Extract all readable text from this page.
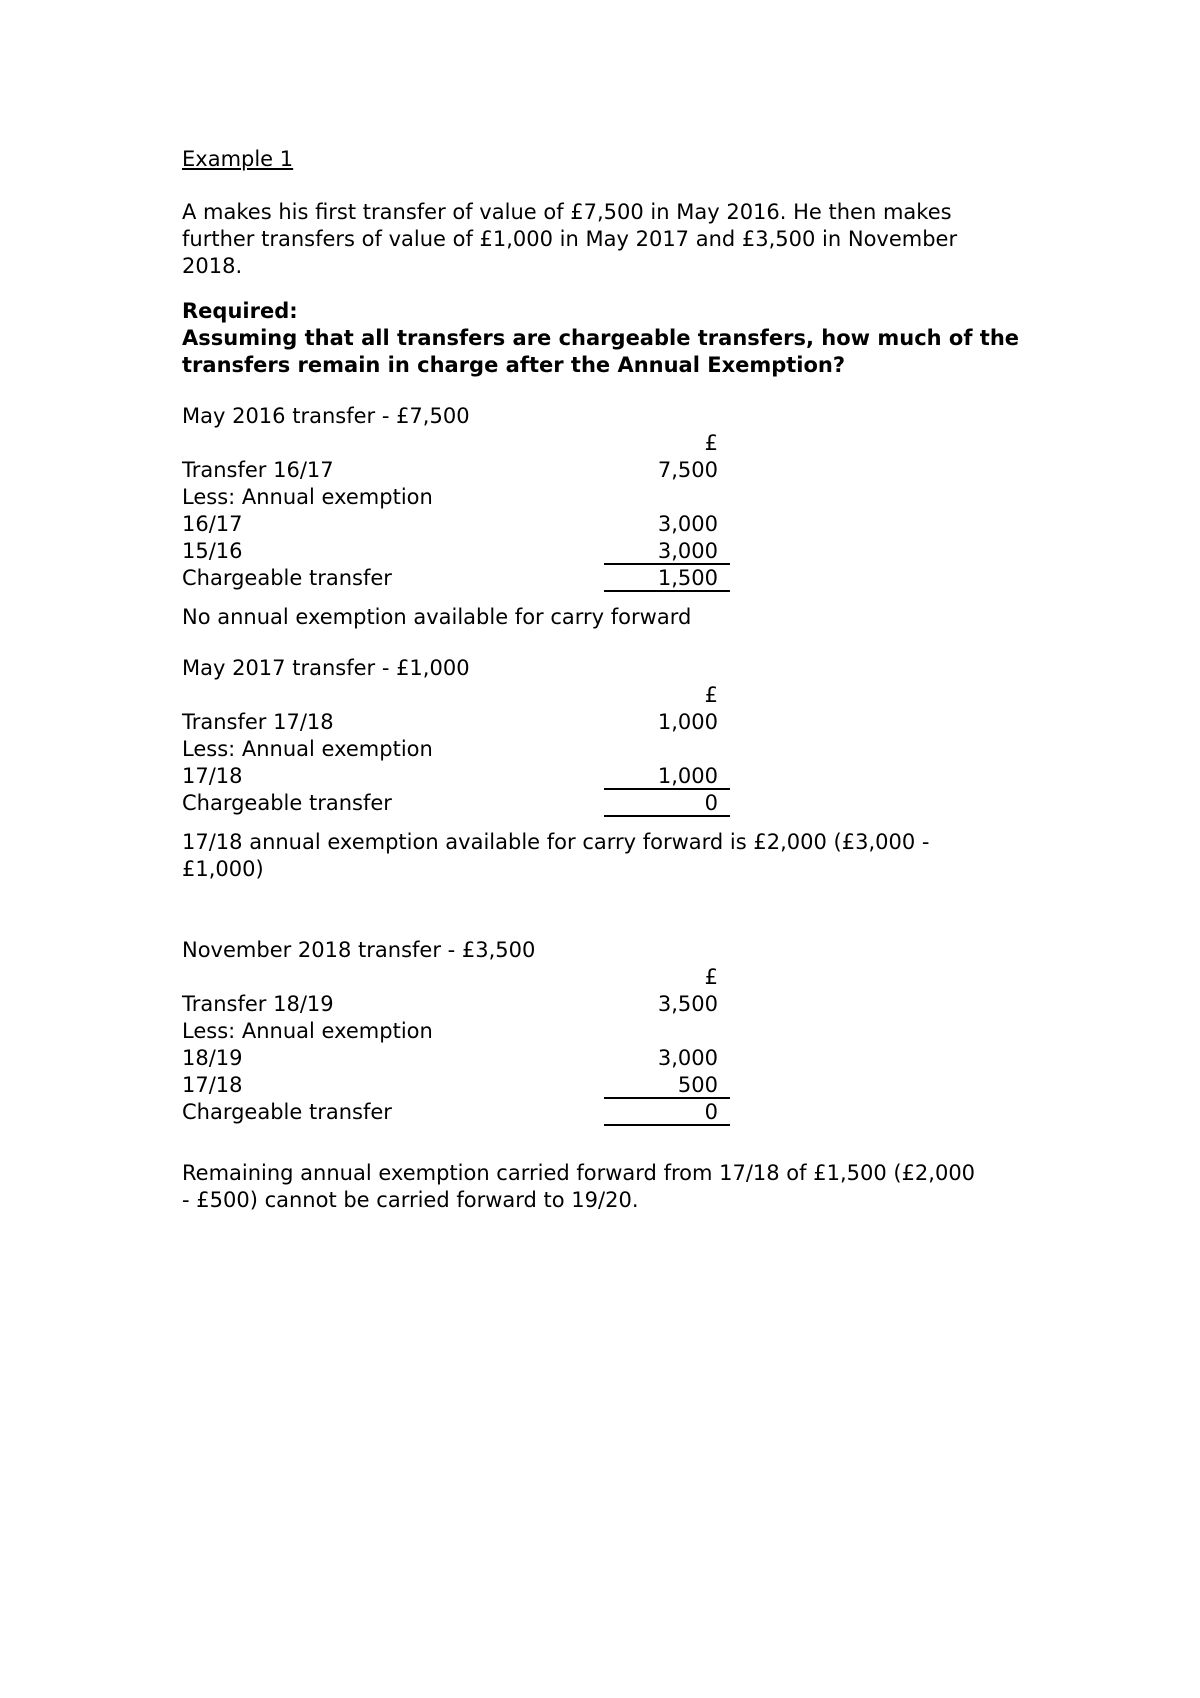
Example 1

A makes his first transfer of value of £7,500 in May 2016. He then makes further transfers of value of £1,000 in May 2017 and £3,500 in November 2018.

Required:
Assuming that all transfers are chargeable transfers, how much of the transfers remain in charge after the Annual Exemption?
May 2016 transfer - £7,500
£
Transfer 16/17	7,500
Less: Annual exemption
16/17	3,000
15/16	3,000
Chargeable transfer	1,500

No annual exemption available for carry forward

May 2017 transfer - £1,000
£
Transfer 17/18	1,000
Less: Annual exemption
17/18	1,000
Chargeable transfer	0

17/18 annual exemption available for carry forward is £2,000 (£3,000 - £1,000)

November 2018 transfer - £3,500
£
Transfer 18/19	3,500
Less: Annual exemption
18/19	3,000
17/18	500
Chargeable transfer	0

Remaining annual exemption carried forward from 17/18 of £1,500 (£2,000 - £500) cannot be carried forward to 19/20.
